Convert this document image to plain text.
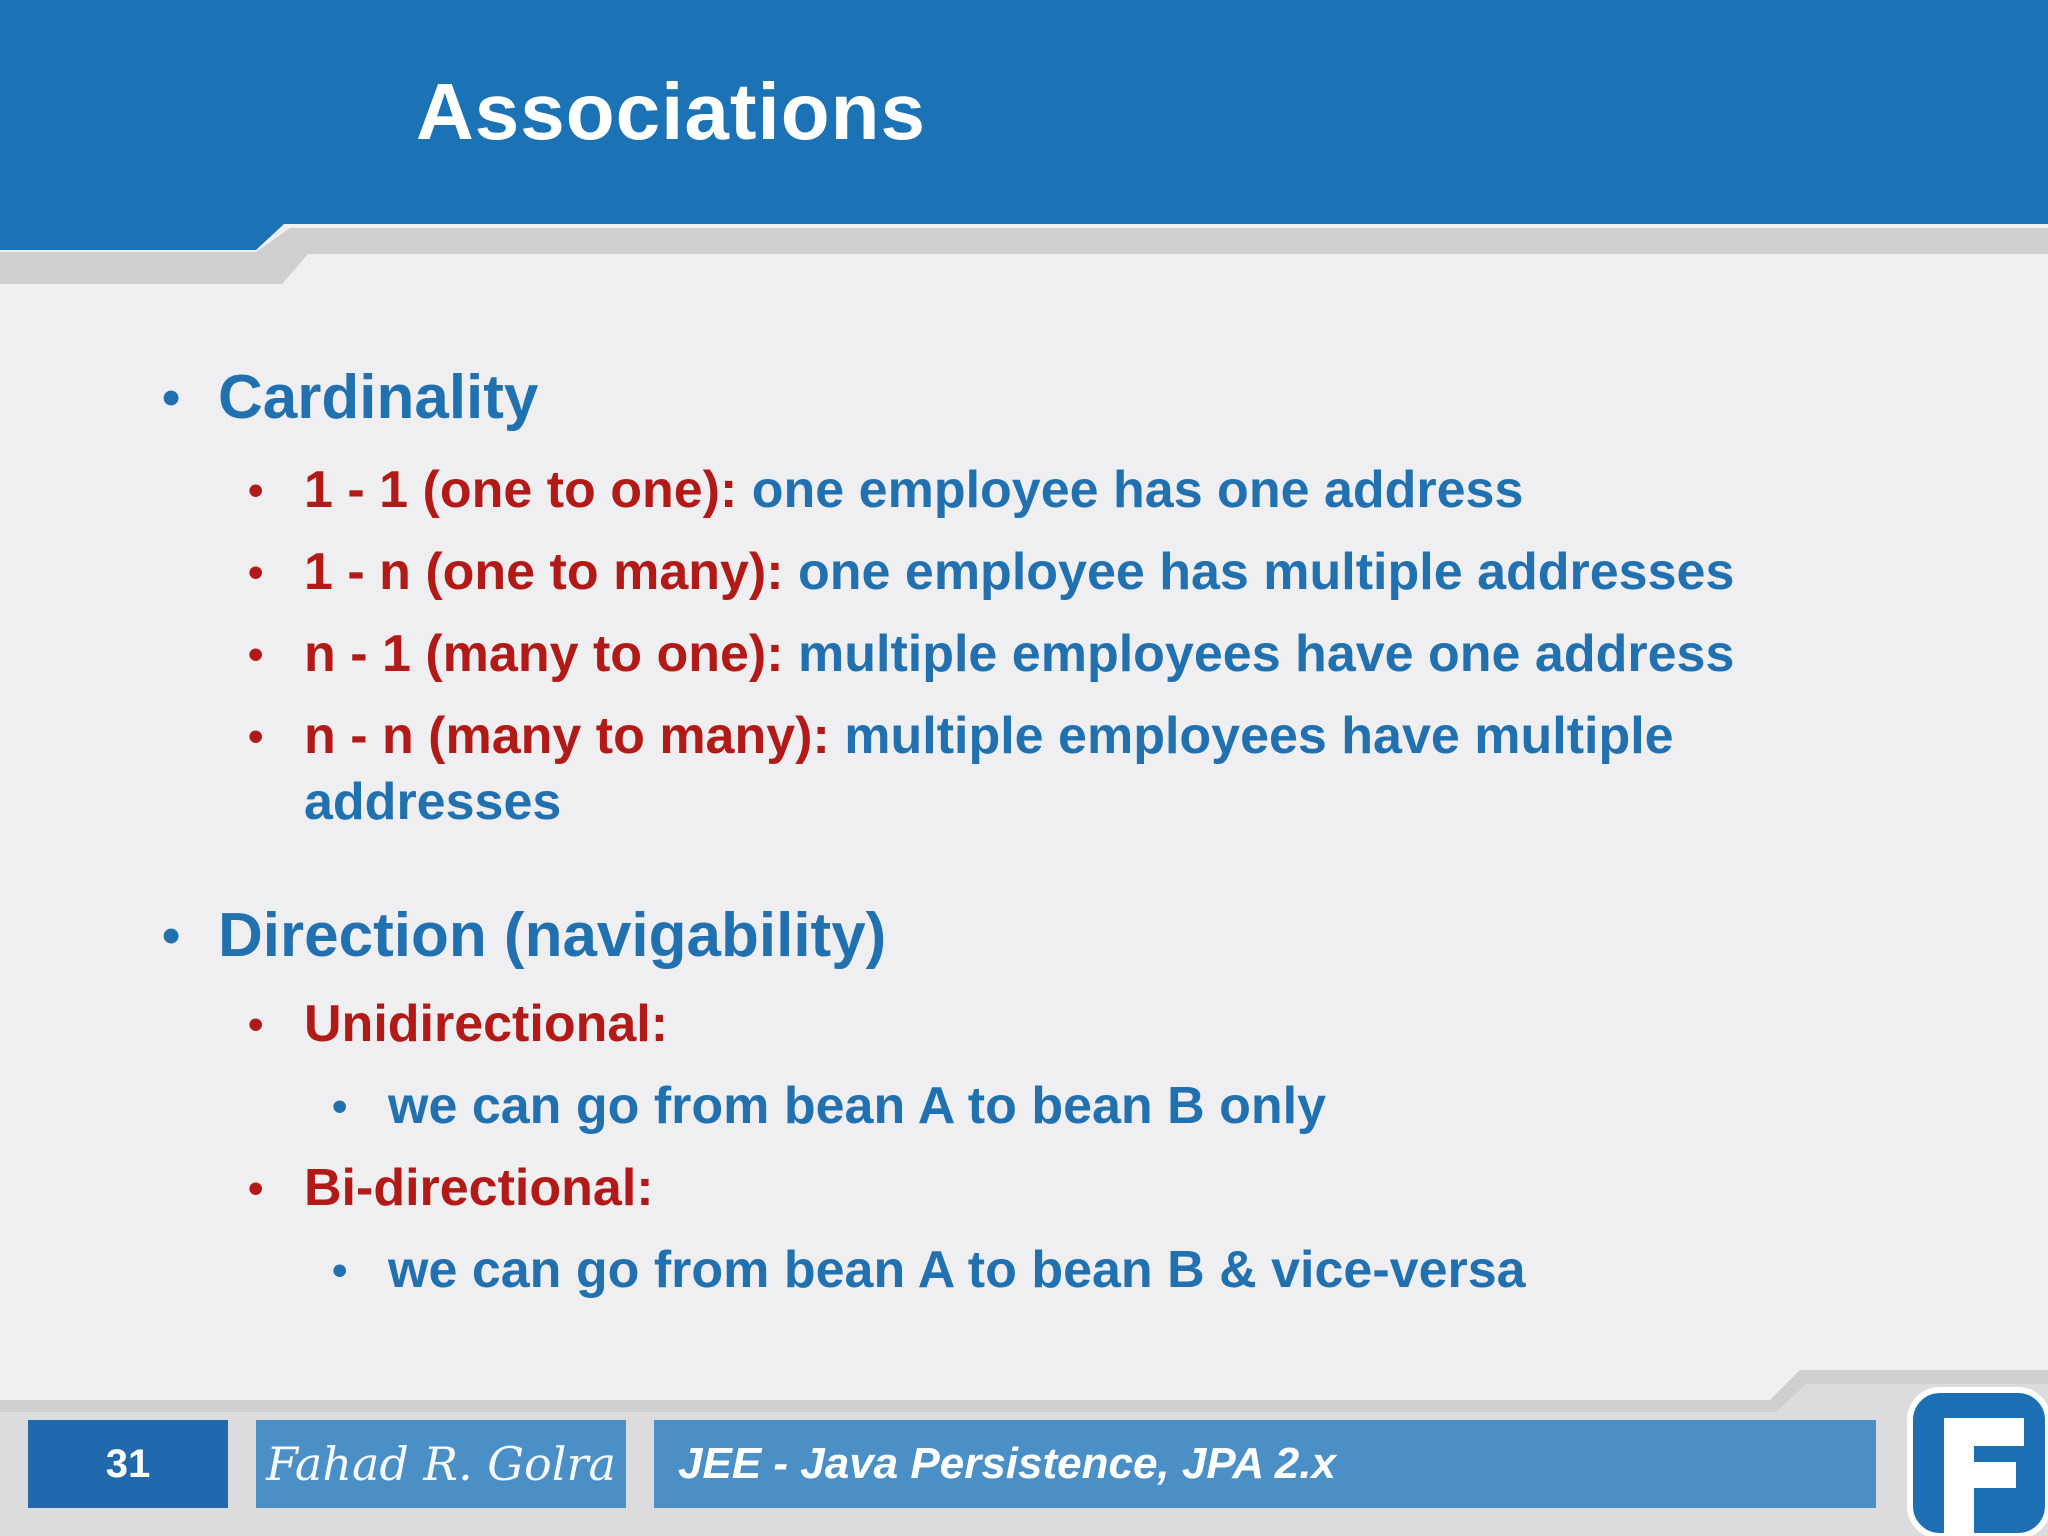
Associations
• Cardinality
• 1 - 1 (one to one): one employee has one address
• 1 - n (one to many): one employee has multiple addresses
• n - 1 (many to one): multiple employees have one address
• n - n (many to many): multiple employees have multiple
addresses
• Direction (navigability)
• Unidirectional:
• we can go from bean A to bean B only
• Bi-directional:
• we can go from bean A to bean B & vice-versa
31	Fahad R. Golra JEE - Java Persistence, JPA 2.x
